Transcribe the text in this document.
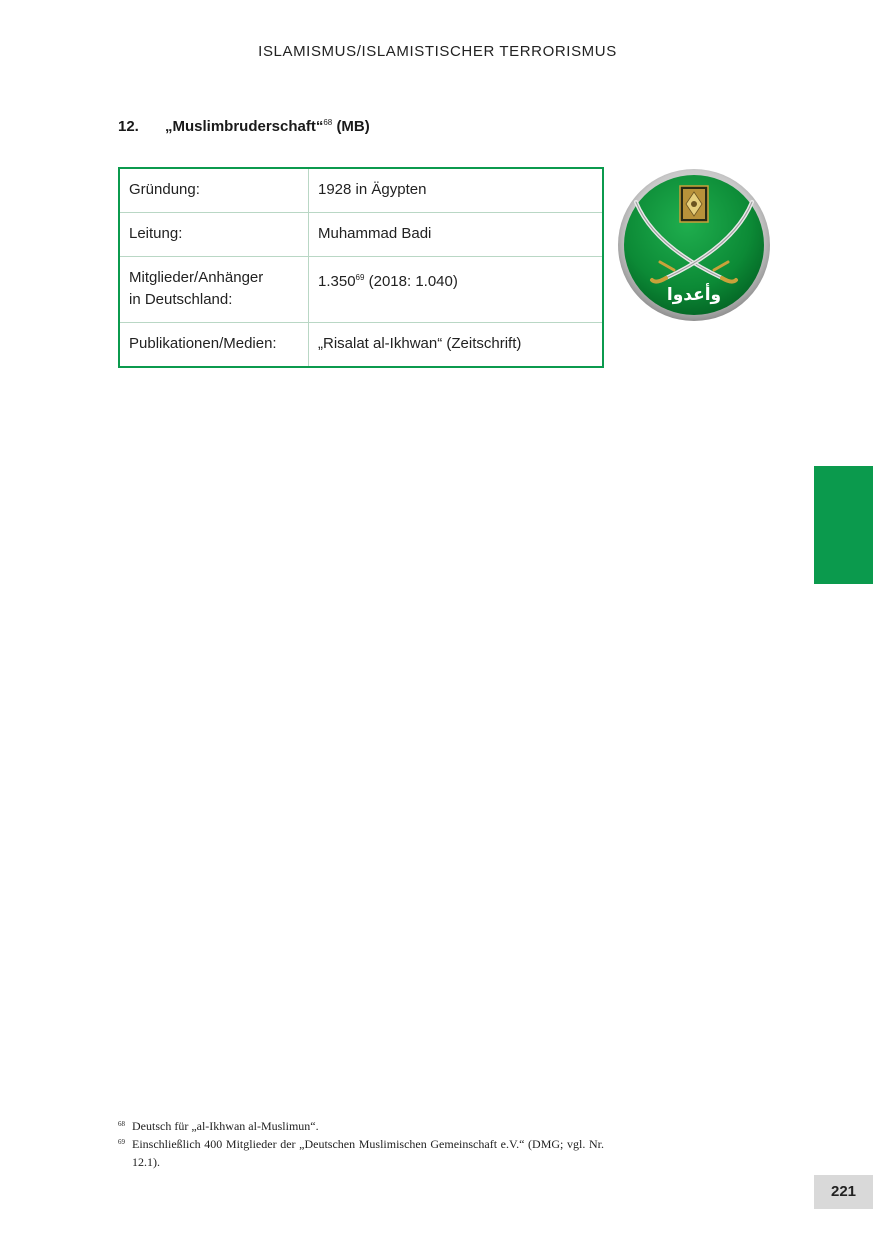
ISLAMISMUS/ISLAMISTISCHER TERRORISMUS
12. „Muslimbruderschaft“$^{68}$ (MB)
Gründung:	1928 in Ägypten
Leitung:	Muhammad Badi
Mitglieder/Anhänger
in Deutschland:	1.350$^{69}$ (2018: 1.040)
Publikationen/Medien:	„Risalat al-Ikhwan“ (Zeitschrift)
وأعدوا
68 Deutsch für „al-Ikhwan al-Muslimun“.
69 Einschließlich 400 Mitglieder der „Deutschen Muslimischen Gemeinschaft e.V.“ (DMG; vgl. Nr. 12.1).
221
